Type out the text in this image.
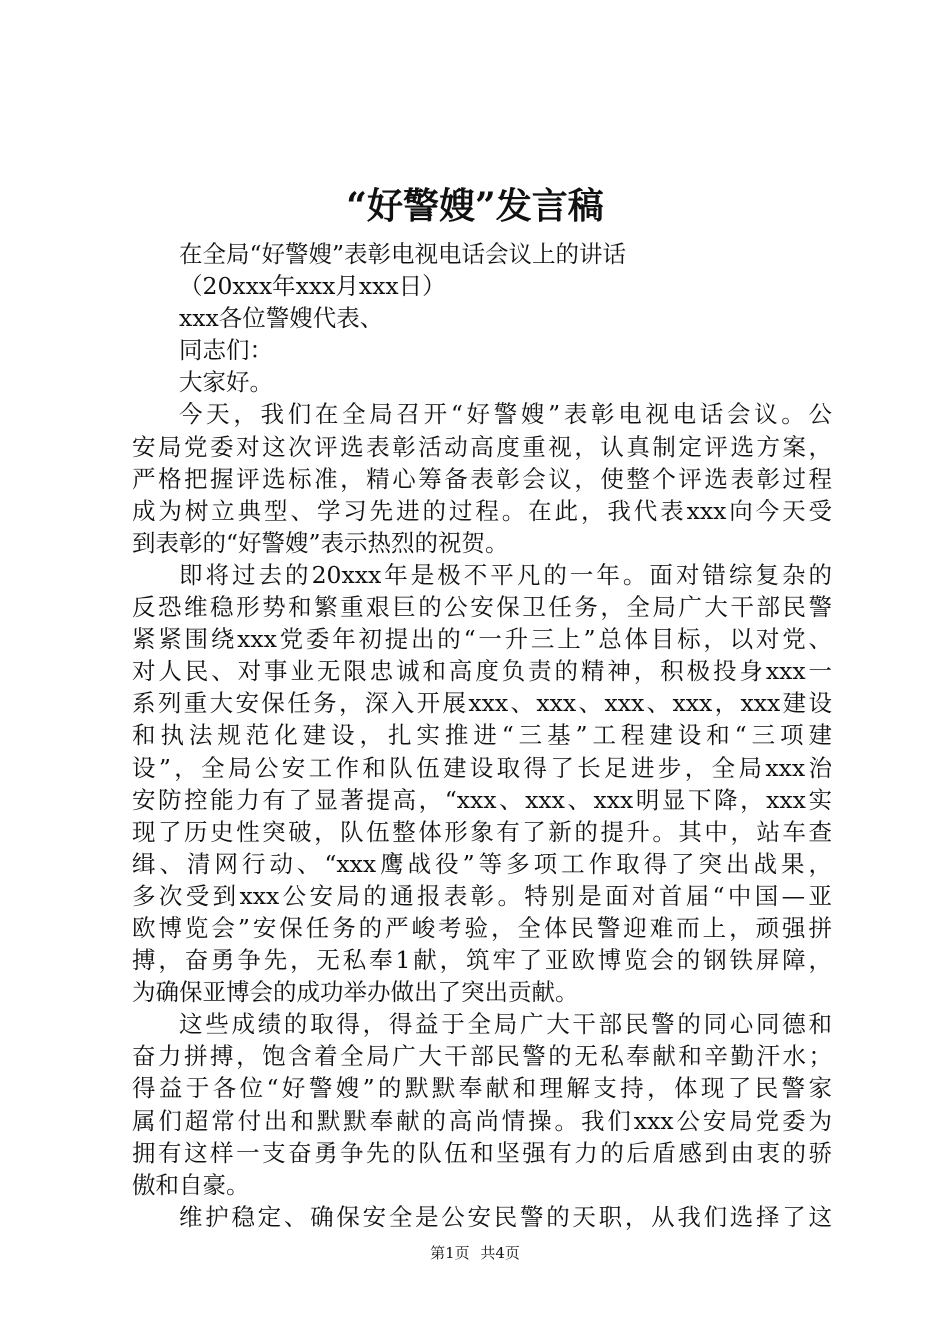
“好警嫂”发言稿
在全局“好警嫂”表彰电视电话会议上的讲话
（20xxx年xxx月xxx日）
xxx各位警嫂代表、
同志们：
大家好。
今天，我们在全局召开“好警嫂”表彰电视电话会议。公
安局党委对这次评选表彰活动高度重视，认真制定评选方案，
严格把握评选标准，精心筹备表彰会议，使整个评选表彰过程
成为树立典型、学习先进的过程。在此，我代表xxx向今天受
到表彰的“好警嫂”表示热烈的祝贺。
即将过去的20xxx年是极不平凡的一年。面对错综复杂的
反恐维稳形势和繁重艰巨的公安保卫任务，全局广大干部民警
紧紧围绕xxx党委年初提出的“一升三上”总体目标，以对党、
对人民、对事业无限忠诚和高度负责的精神，积极投身xxx一
系列重大安保任务，深入开展xxx、xxx、xxx、xxx，xxx建设
和执法规范化建设，扎实推进“三基”工程建设和“三项建
设”，全局公安工作和队伍建设取得了长足进步，全局xxx治
安防控能力有了显著提高，“xxx、xxx、xxx明显下降，xxx实
现了历史性突破，队伍整体形象有了新的提升。其中，站车查
缉、清网行动、“xxx鹰战役”等多项工作取得了突出战果，
多次受到xxx公安局的通报表彰。特别是面对首届“中国—亚
欧博览会”安保任务的严峻考验，全体民警迎难而上，顽强拼
搏，奋勇争先，无私奉1献，筑牢了亚欧博览会的钢铁屏障，
为确保亚博会的成功举办做出了突出贡献。
这些成绩的取得，得益于全局广大干部民警的同心同德和
奋力拼搏，饱含着全局广大干部民警的无私奉献和辛勤汗水；
得益于各位“好警嫂”的默默奉献和理解支持，体现了民警家
属们超常付出和默默奉献的高尚情操。我们xxx公安局党委为
拥有这样一支奋勇争先的队伍和坚强有力的后盾感到由衷的骄
傲和自豪。
维护稳定、确保安全是公安民警的天职，从我们选择了这
第1页 共4页
